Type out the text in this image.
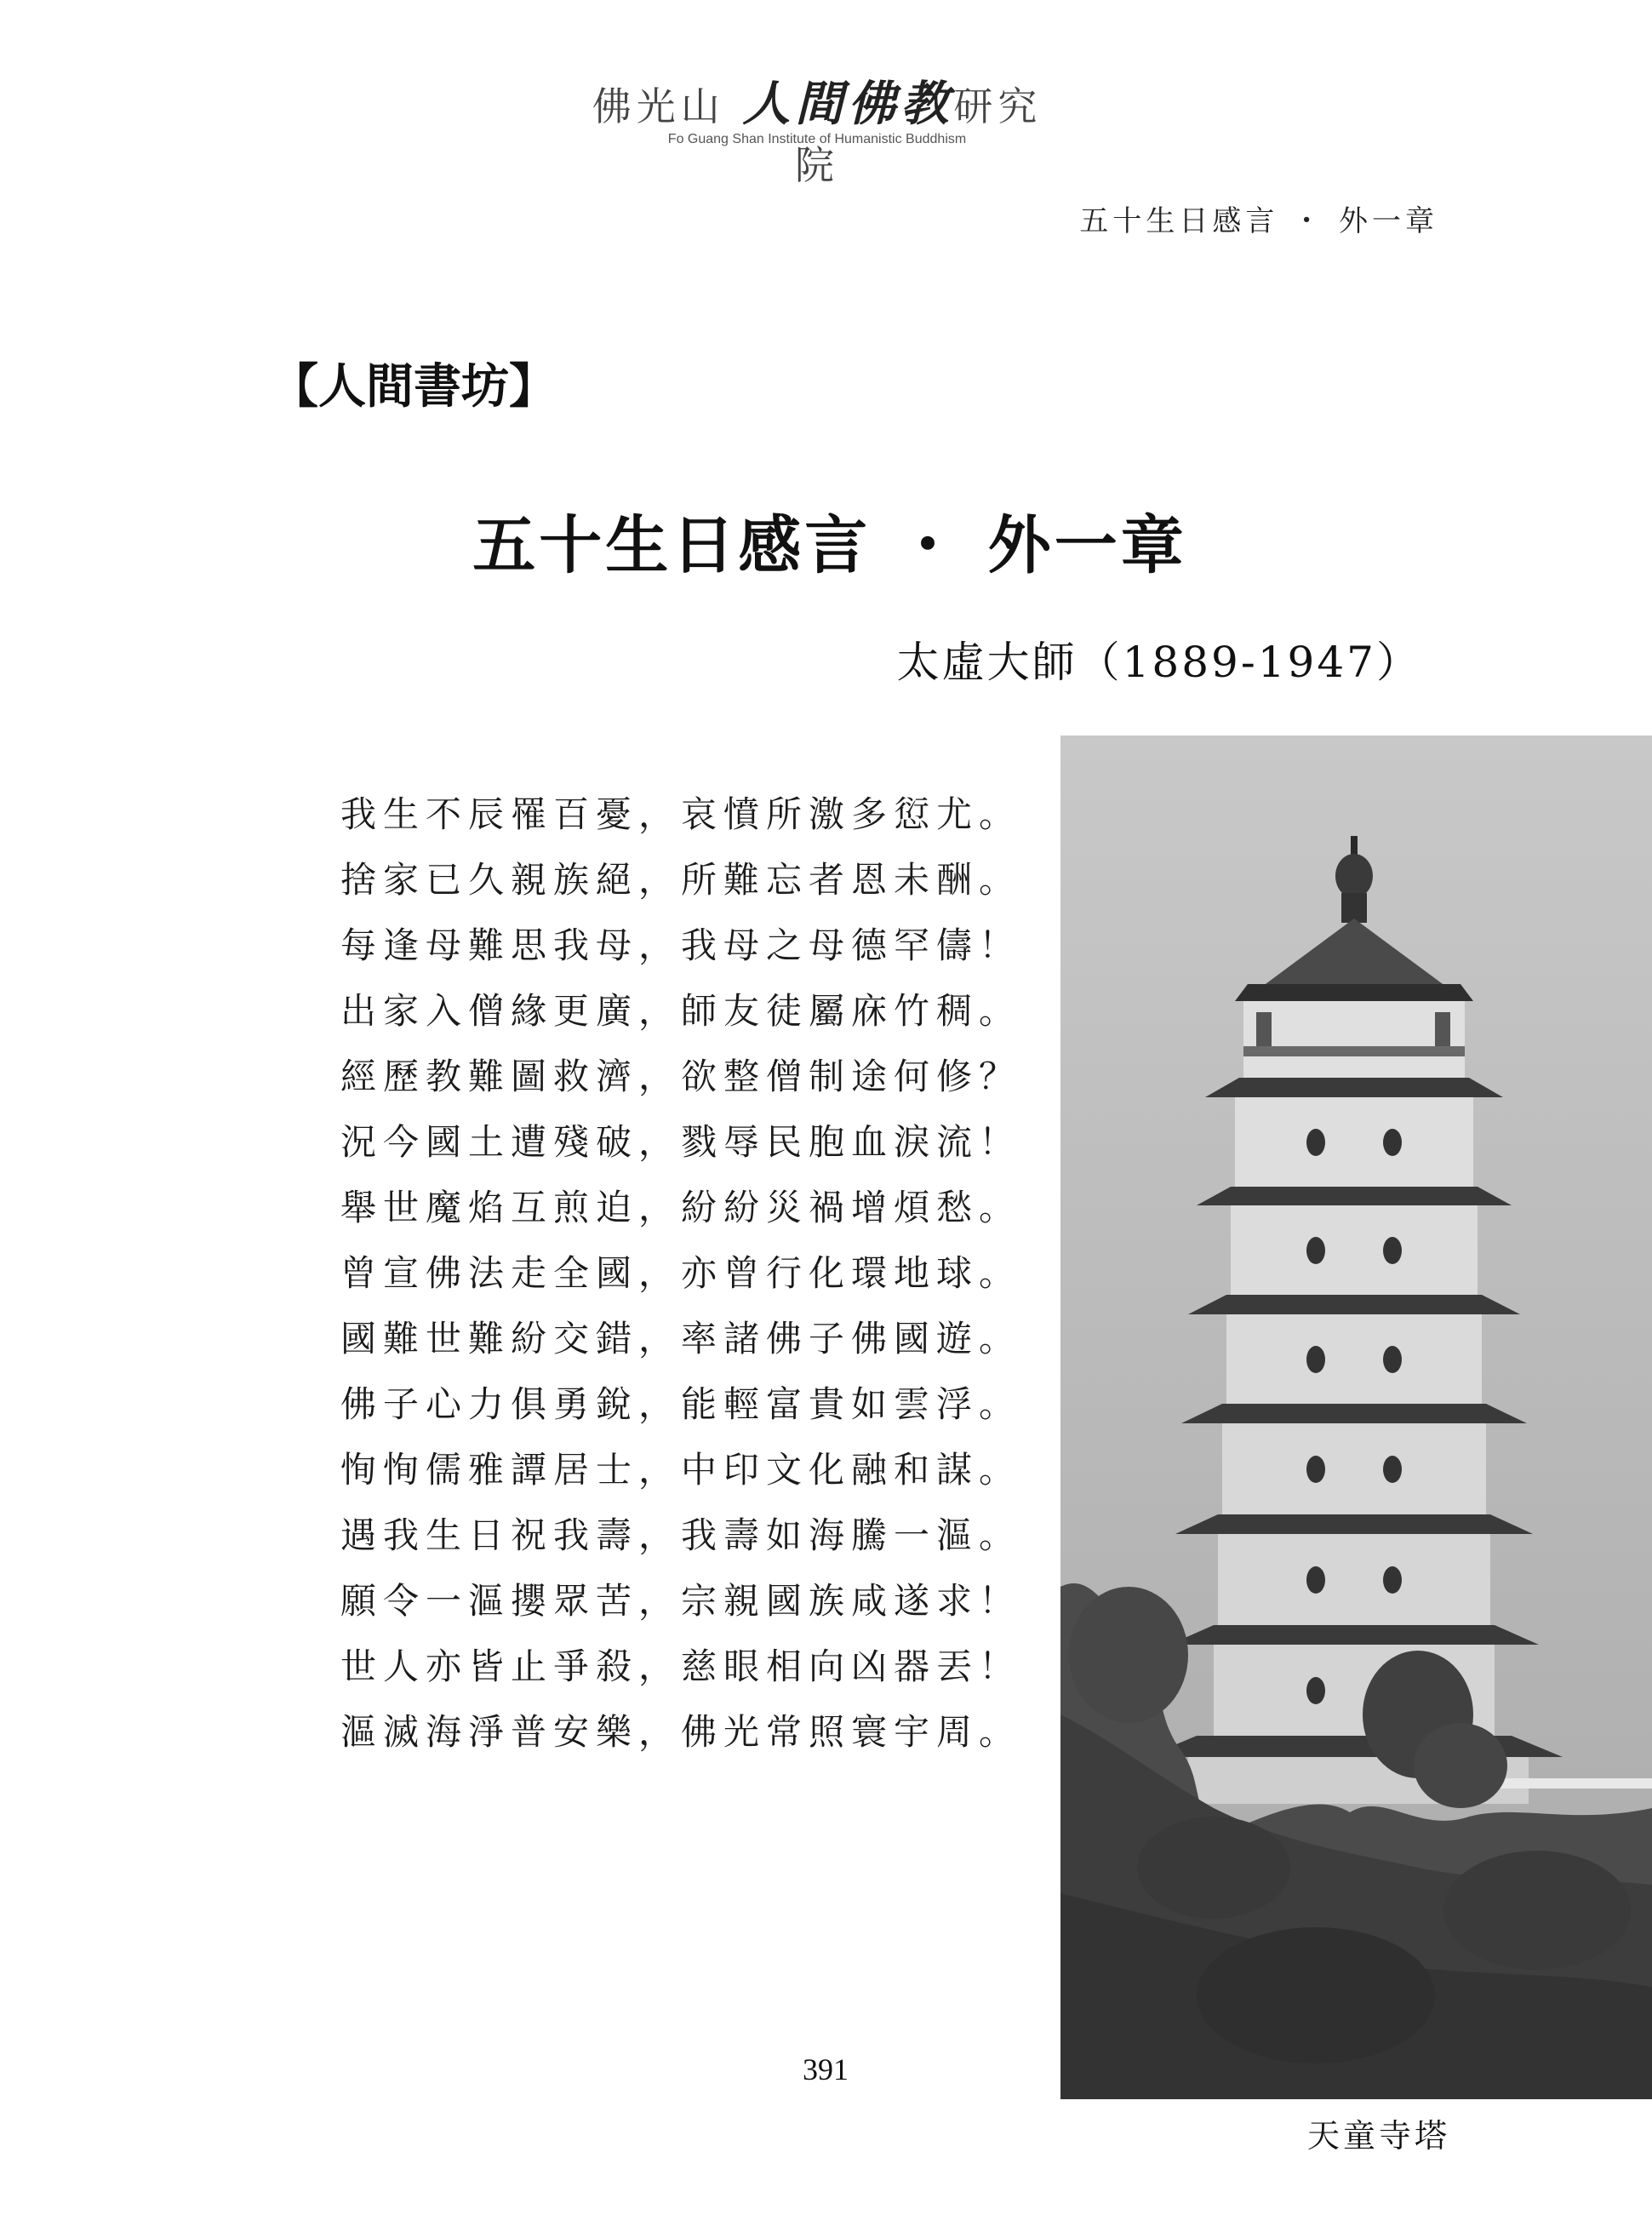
佛光山 人間佛教研究院
Fo Guang Shan Institute of Humanistic Buddhism
五十生日感言 ・ 外一章
【人間書坊】
五十生日感言 ・ 外一章
太虛大師（1889-1947）
我生不辰罹百憂，哀憤所激多愆尤。
捨家已久親族絕，所難忘者恩未酬。
每逢母難思我母，我母之母德罕儔！
出家入僧緣更廣，師友徒屬庥竹稠。
經歷教難圖救濟，欲整僧制途何修？
況今國土遭殘破，戮辱民胞血淚流！
舉世魔焰互煎迫，紛紛災禍增煩愁。
曾宣佛法走全國，亦曾行化環地球。
國難世難紛交錯，率諸佛子佛國遊。
佛子心力俱勇銳，能輕富貴如雲浮。
恂恂儒雅譚居士，中印文化融和謀。
遇我生日祝我壽，我壽如海騰一漚。
願令一漚攖眾苦，宗親國族咸遂求！
世人亦皆止爭殺，慈眼相向凶器丟！
漚滅海淨普安樂，佛光常照寰宇周。
391
天童寺塔
